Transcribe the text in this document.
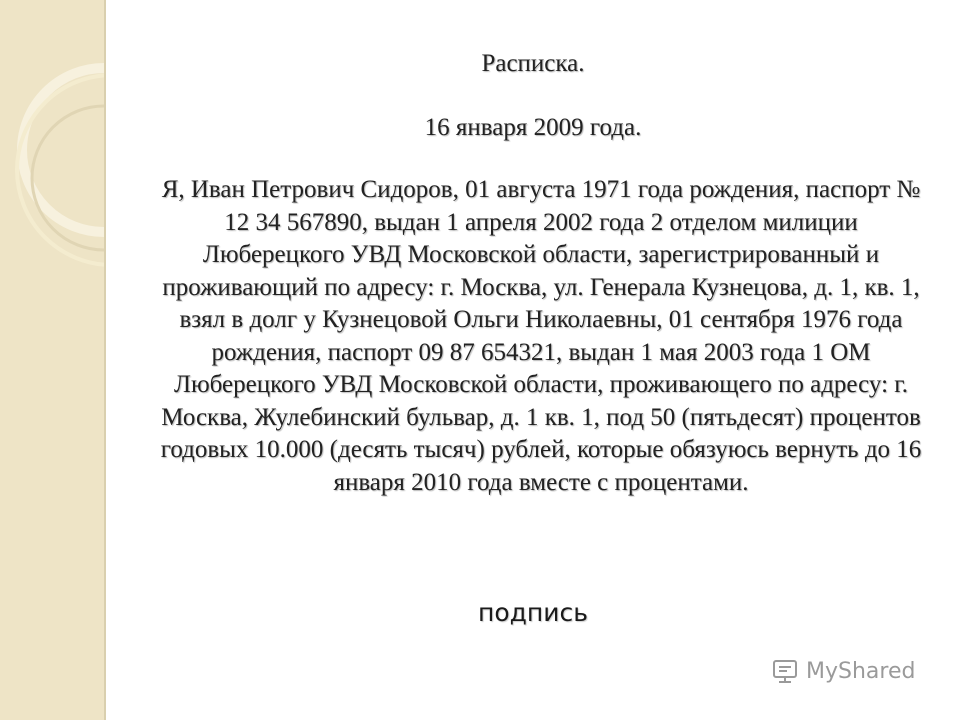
Расписка.
16 января 2009 года.
Я, Иван Петрович Сидоров, 01 августа 1971 года рождения, паспорт № 12 34 567890, выдан 1 апреля 2002 года 2 отделом милиции Люберецкого УВД Московской области, зарегистрированный и проживающий по адресу: г. Москва, ул. Генерала Кузнецова, д. 1, кв. 1, взял в долг у Кузнецовой Ольги Николаевны, 01 сентября 1976 года рождения, паспорт 09 87 654321, выдан 1 мая 2003 года 1 ОМ Люберецкого УВД Московской области, проживающего по адресу: г. Москва, Жулебинский бульвар, д. 1 кв. 1, под 50 (пятьдесят) процентов годовых 10.000 (десять тысяч) рублей, которые обязуюсь вернуть до 16 января 2010 года вместе с процентами.
подпись
MyShared
